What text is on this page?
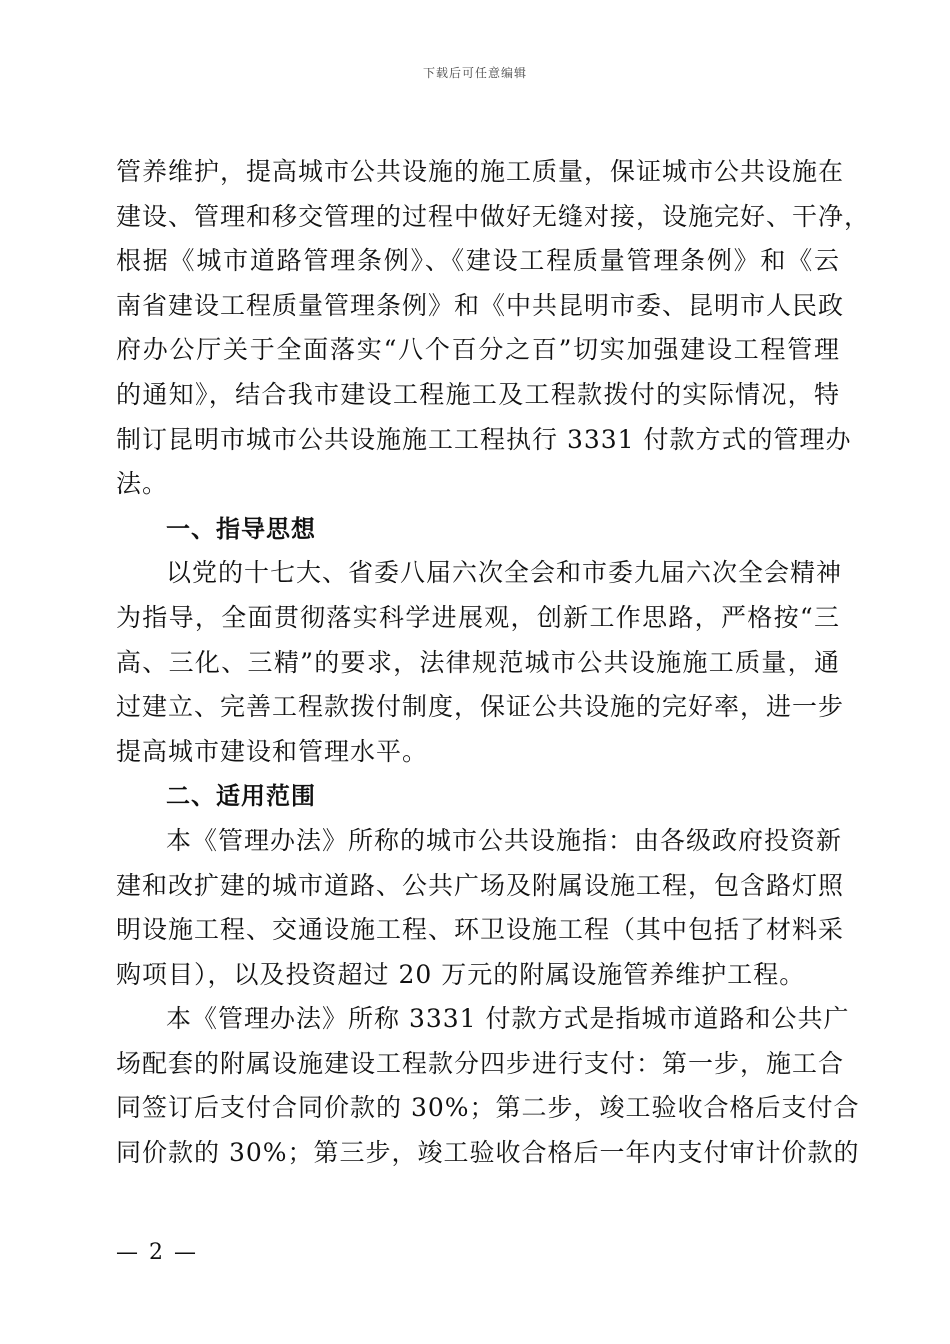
下载后可任意编辑
管养维护，提高城市公共设施的施工质量，保证城市公共设施在
建设、管理和移交管理的过程中做好无缝对接，设施完好、干净，
根据《城市道路管理条例》、《建设工程质量管理条例》和《云
南省建设工程质量管理条例》和《中共昆明市委、昆明市人民政
府办公厅关于全面落实“八个百分之百”切实加强建设工程管理
的通知》，结合我市建设工程施工及工程款拨付的实际情况，特
制订昆明市城市公共设施施工工程执行 3331 付款方式的管理办
法。
一、指导思想
以党的十七大、省委八届六次全会和市委九届六次全会精神
为指导，全面贯彻落实科学进展观，创新工作思路，严格按“三
高、三化、三精”的要求，法律规范城市公共设施施工质量，通
过建立、完善工程款拨付制度，保证公共设施的完好率，进一步
提高城市建设和管理水平。
二、适用范围
本《管理办法》所称的城市公共设施指：由各级政府投资新
建和改扩建的城市道路、公共广场及附属设施工程，包含路灯照
明设施工程、交通设施工程、环卫设施工程（其中包括了材料采
购项目），以及投资超过 20 万元的附属设施管养维护工程。
本《管理办法》所称 3331 付款方式是指城市道路和公共广
场配套的附属设施建设工程款分四步进行支付：第一步，施工合
同签订后支付合同价款的 30%；第二步，竣工验收合格后支付合
同价款的 30%；第三步，竣工验收合格后一年内支付审计价款的
— 2 —
